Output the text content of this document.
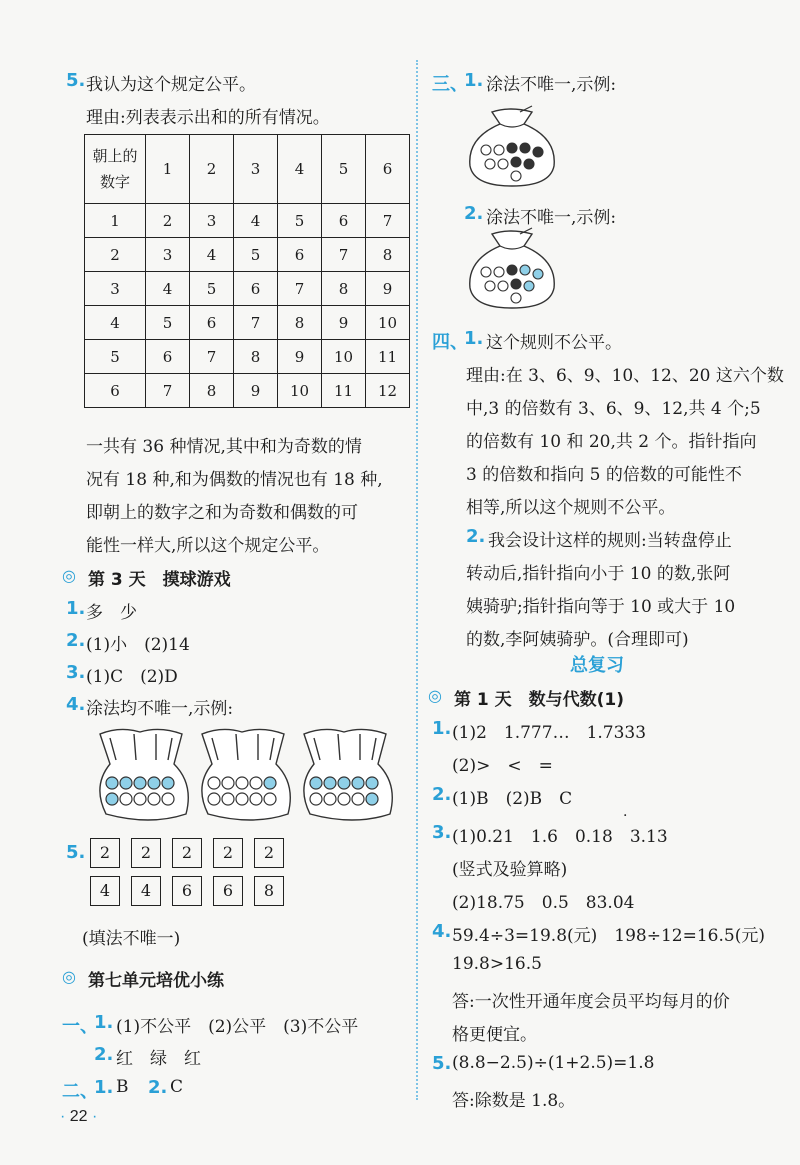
5. 我认为这个规定公平。
理由:列表表示出和的所有情况。
朝上的
数字	1	2	3	4	5	6
1	2	3	4	5	6	7
2	3	4	5	6	7	8
3	4	5	6	7	8	9
4	5	6	7	8	9	10
5	6	7	8	9	10	11
6	7	8	9	10	11	12
一共有 36 种情况,其中和为奇数的情
况有 18 种,和为偶数的情况也有 18 种,
即朝上的数字之和为奇数和偶数的可
能性一样大,所以这个规定公平。
◎ 第 3 天　摸球游戏
1. 多　少
2. (1)小　(2)14
3. (1)C　(2)D
4. 涂法均不唯一,示例:
5. 2	2	2	2	2
4	4	6	6	8
(填法不唯一)
◎ 第七单元培优小练
一、
1. (1)不公平　(2)公平　(3)不公平
2. 红　绿　红
二、
1. B 2. C
· 22 ·
三、
1. 涂法不唯一,示例:
2. 涂法不唯一,示例:
四、
1. 这个规则不公平。
理由:在 3、6、9、10、12、20 这六个数
中,3 的倍数有 3、6、9、12,共 4 个;5
的倍数有 10 和 20,共 2 个。指针指向
3 的倍数和指向 5 的倍数的可能性不
相等,所以这个规则不公平。
2. 我会设计这样的规则:当转盘停止
转动后,指针指向小于 10 的数,张阿
姨骑驴;指针指向等于 10 或大于 10
的数,李阿姨骑驴。(合理即可)
总复习
◎ 第 1 天　数与代数(1)
1. (1)2　1.777…　1.7333
(2)>　<　=
2. (1)B　(2)B　C
3. (1)0.21　1.6　0.18　3.13
·
(竖式及验算略)
(2)18.75　0.5　83.04
4. 59.4÷3=19.8(元)　198÷12=16.5(元)
19.8>16.5
答:一次性开通年度会员平均每月的价
格更便宜。
5. (8.8−2.5)÷(1+2.5)=1.8
答:除数是 1.8。
